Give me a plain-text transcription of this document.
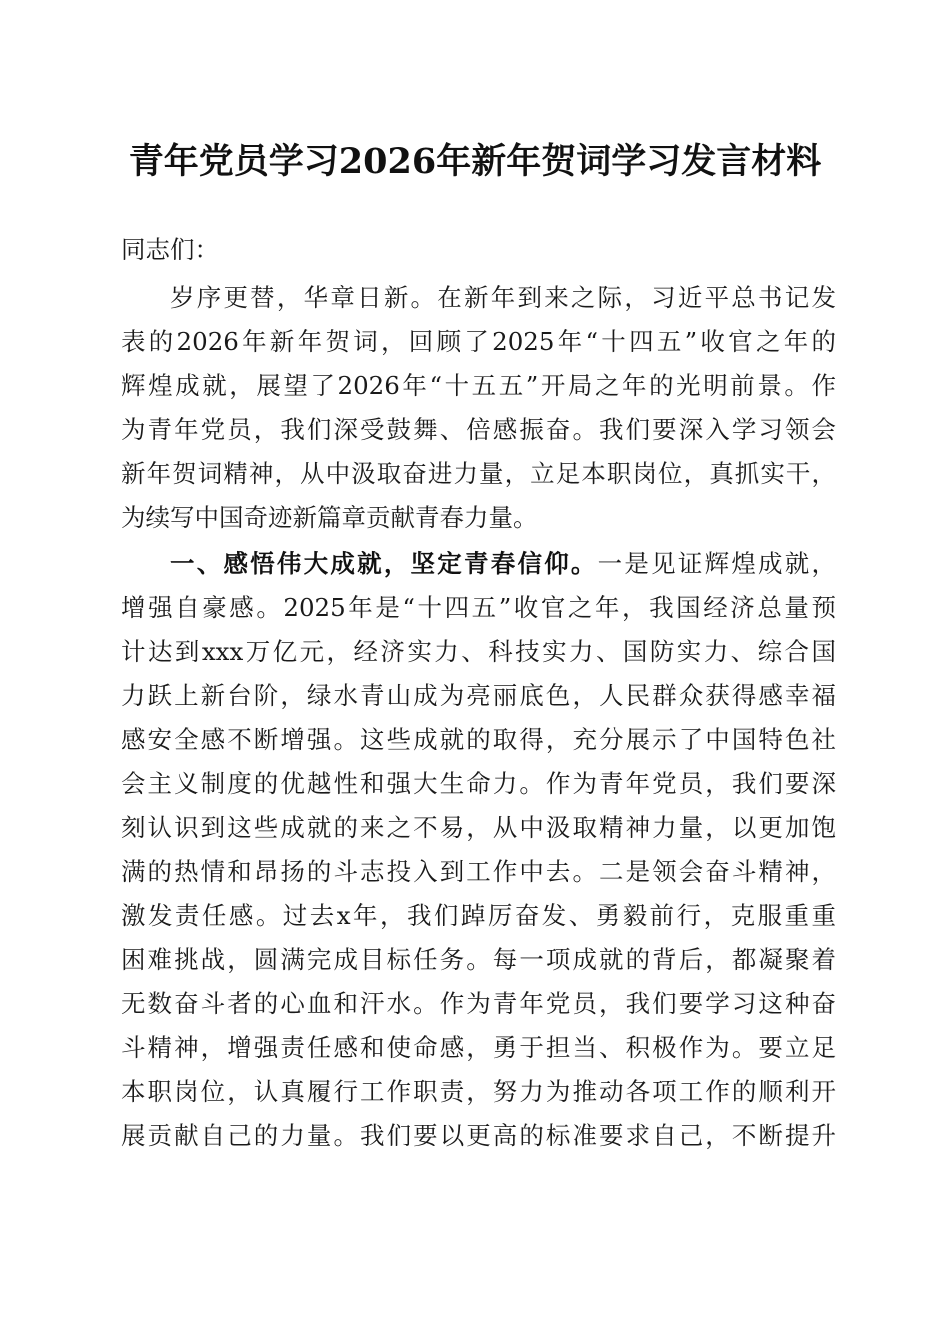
青年党员学习2026年新年贺词学习发言材料
同志们：
岁序更替，华章日新。在新年到来之际，习近平总书记发
表的2026年新年贺词，回顾了2025年“十四五”收官之年的
辉煌成就，展望了2026年“十五五”开局之年的光明前景。作
为青年党员，我们深受鼓舞、倍感振奋。我们要深入学习领会
新年贺词精神，从中汲取奋进力量，立足本职岗位，真抓实干，
为续写中国奇迹新篇章贡献青春力量。
一、感悟伟大成就，坚定青春信仰。一是见证辉煌成就，
增强自豪感。2025年是“十四五”收官之年，我国经济总量预
计达到xxx万亿元，经济实力、科技实力、国防实力、综合国
力跃上新台阶，绿水青山成为亮丽底色，人民群众获得感幸福
感安全感不断增强。这些成就的取得，充分展示了中国特色社
会主义制度的优越性和强大生命力。作为青年党员，我们要深
刻认识到这些成就的来之不易，从中汲取精神力量，以更加饱
满的热情和昂扬的斗志投入到工作中去。二是领会奋斗精神，
激发责任感。过去x年，我们踔厉奋发、勇毅前行，克服重重
困难挑战，圆满完成目标任务。每一项成就的背后，都凝聚着
无数奋斗者的心血和汗水。作为青年党员，我们要学习这种奋
斗精神，增强责任感和使命感，勇于担当、积极作为。要立足
本职岗位，认真履行工作职责，努力为推动各项工作的顺利开
展贡献自己的力量。我们要以更高的标准要求自己，不断提升
